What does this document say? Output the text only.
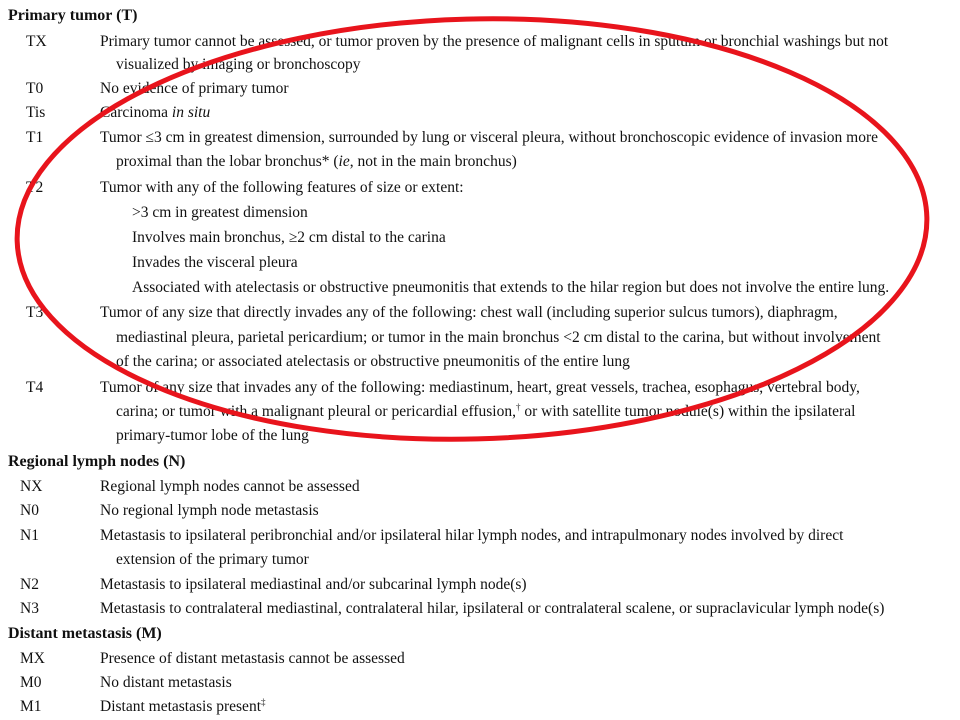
Primary tumor (T)
TX	Primary tumor cannot be assessed, or tumor proven by the presence of malignant cells in sputum or bronchial washings but not
visualized by imaging or bronchoscopy
T0	No evidence of primary tumor
Tis	Carcinoma in situ
T1	Tumor ≤3 cm in greatest dimension, surrounded by lung or visceral pleura, without bronchoscopic evidence of invasion more
proximal than the lobar bronchus* (ie, not in the main bronchus)
T2	Tumor with any of the following features of size or extent:
>3 cm in greatest dimension
Involves main bronchus, ≥2 cm distal to the carina
Invades the visceral pleura
Associated with atelectasis or obstructive pneumonitis that extends to the hilar region but does not involve the entire lung.
T3	Tumor of any size that directly invades any of the following: chest wall (including superior sulcus tumors), diaphragm,
mediastinal pleura, parietal pericardium; or tumor in the main bronchus <2 cm distal to the carina, but without involvement
of the carina; or associated atelectasis or obstructive pneumonitis of the entire lung
T4	Tumor of any size that invades any of the following: mediastinum, heart, great vessels, trachea, esophagus, vertebral body,
carina; or tumor with a malignant pleural or pericardial effusion,† or with satellite tumor nodule(s) within the ipsilateral
primary-tumor lobe of the lung
Regional lymph nodes (N)
NX	Regional lymph nodes cannot be assessed
N0	No regional lymph node metastasis
N1	Metastasis to ipsilateral peribronchial and/or ipsilateral hilar lymph nodes, and intrapulmonary nodes involved by direct
extension of the primary tumor
N2	Metastasis to ipsilateral mediastinal and/or subcarinal lymph node(s)
N3	Metastasis to contralateral mediastinal, contralateral hilar, ipsilateral or contralateral scalene, or supraclavicular lymph node(s)
Distant metastasis (M)
MX	Presence of distant metastasis cannot be assessed
M0	No distant metastasis
M1	Distant metastasis present‡
